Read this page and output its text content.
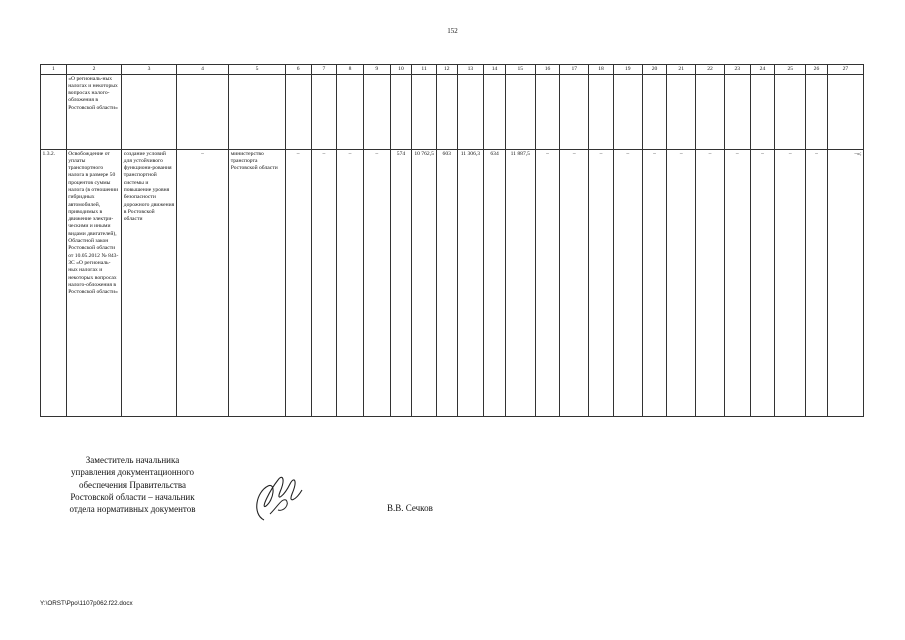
152
1	2	3	4	5	6	7	8	9	10	11	12	13	14	15	16	17	18	19	20	21	22	23	24	25	26	27
	«О региональ-ных налогах и некоторых вопросах налого-обложения в Ростовской области»																									
1.3.2.	Освобождение от уплаты транспортного налога в размере 50 процентов суммы налога (в отношении гибридных автомобилей, приводимых в движение электри-ческими и иными видами двигателей), Областной закон Ростовской области от 10.05.2012 № 843-ЗС «О региональ-ных налогах и некоторых вопросах налого-обложения в Ростовской области»	создание условий для устойчивого функциони-рования транспортной системы и повышение уровня безопасности дорожного движения в Ростовской области	–	министерство транспорта Ростовской области	–	–	–	–	574	10 762,5	603	11 306,3	634	11 887,5	–	–	–	–	–	–	–	–	–	–	–	–»;
Заместитель начальника
управления документационного
обеспечения Правительства
Ростовской области – начальник
отдела нормативных документов	В.В. Сечков
Y:\ORST\Ppo\1107p062.f22.docx
